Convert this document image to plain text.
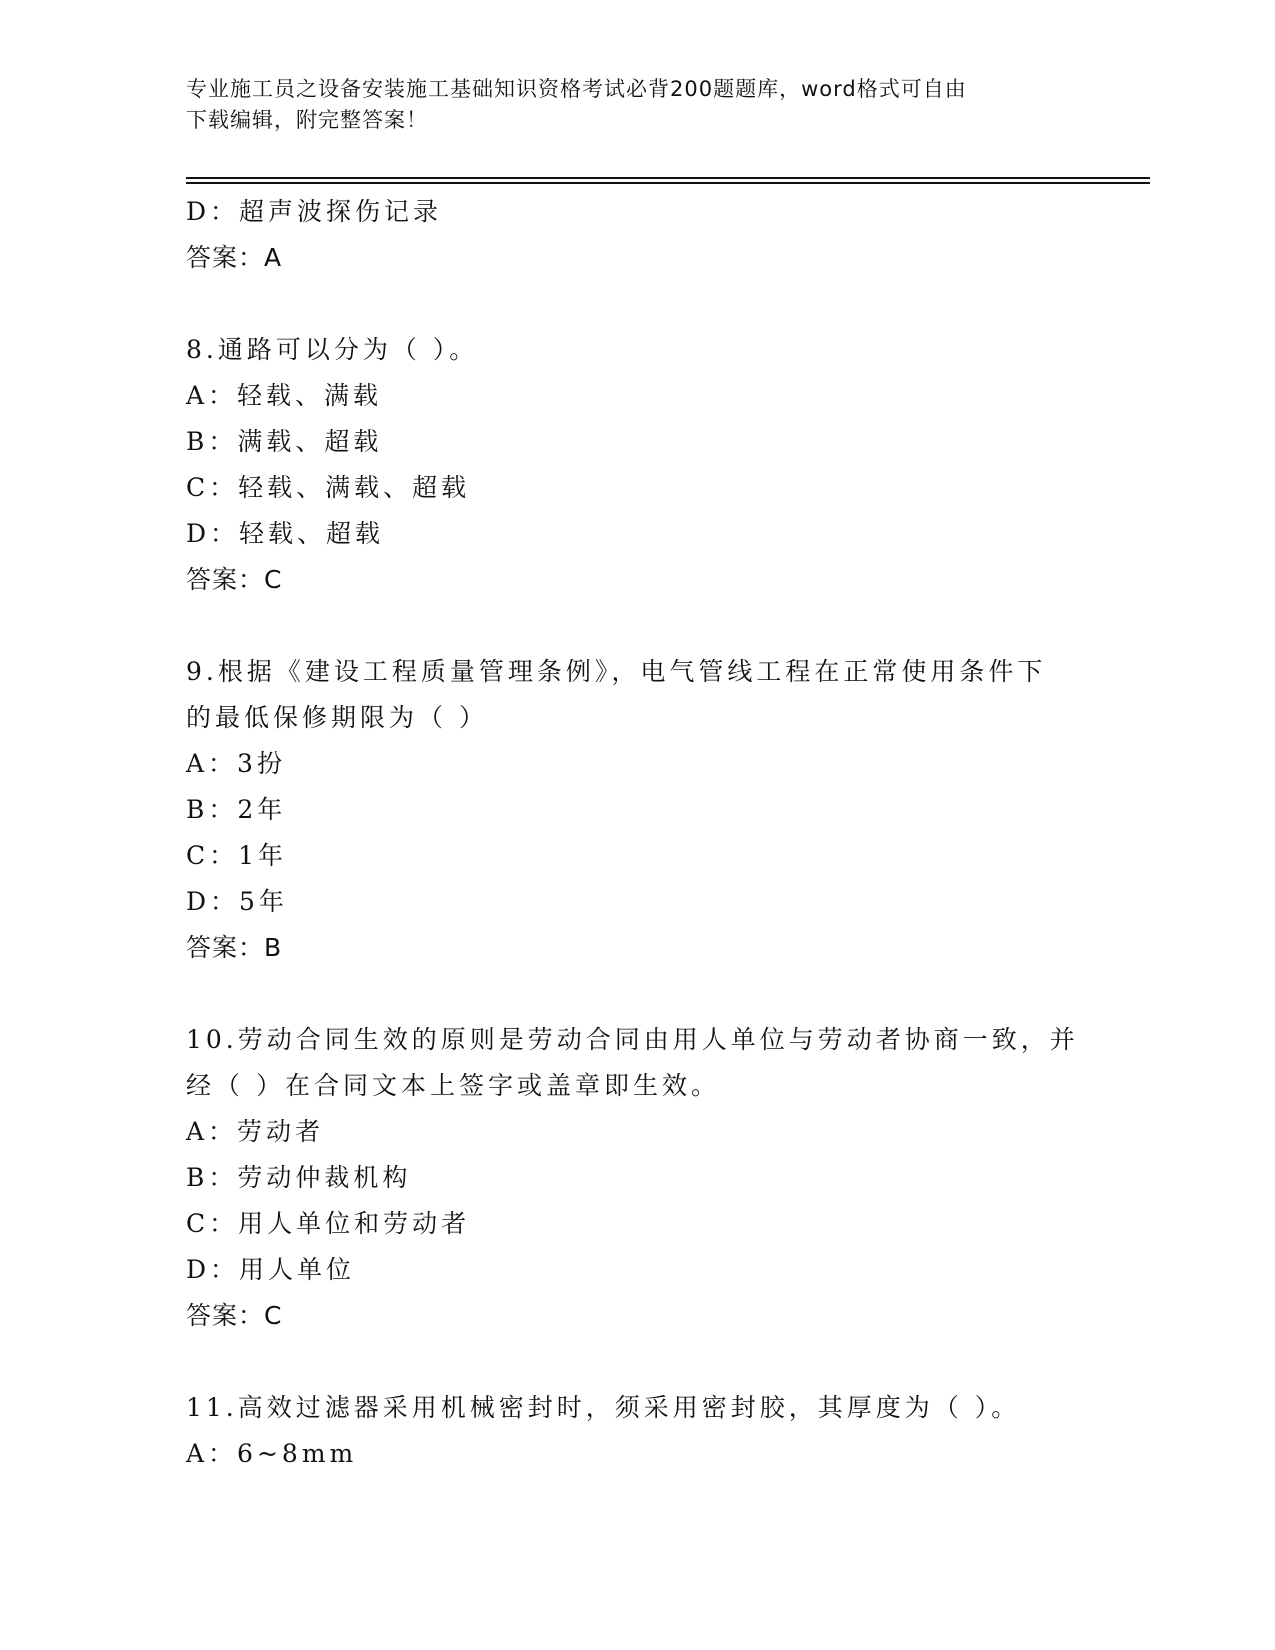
专业施工员之设备安装施工基础知识资格考试必背200题题库，word格式可自由
下载编辑，附完整答案！
D：超声波探伤记录
答案：A
8.通路可以分为（ ）。
A：轻载、满载
B：满载、超载
C：轻载、满载、超载
D：轻载、超载
答案：C
9.根据《建设工程质量管理条例》，电气管线工程在正常使用条件下
的最低保修期限为（ ）
A：3扮
B：2年
C：1年
D：5年
答案：B
10.劳动合同生效的原则是劳动合同由用人单位与劳动者协商一致，并
经（ ）在合同文本上签字或盖章即生效。
A：劳动者
B：劳动仲裁机构
C：用人单位和劳动者
D：用人单位
答案：C
11.高效过滤器采用机械密封时，须采用密封胶，其厚度为（ ）。
A：6~8mm
